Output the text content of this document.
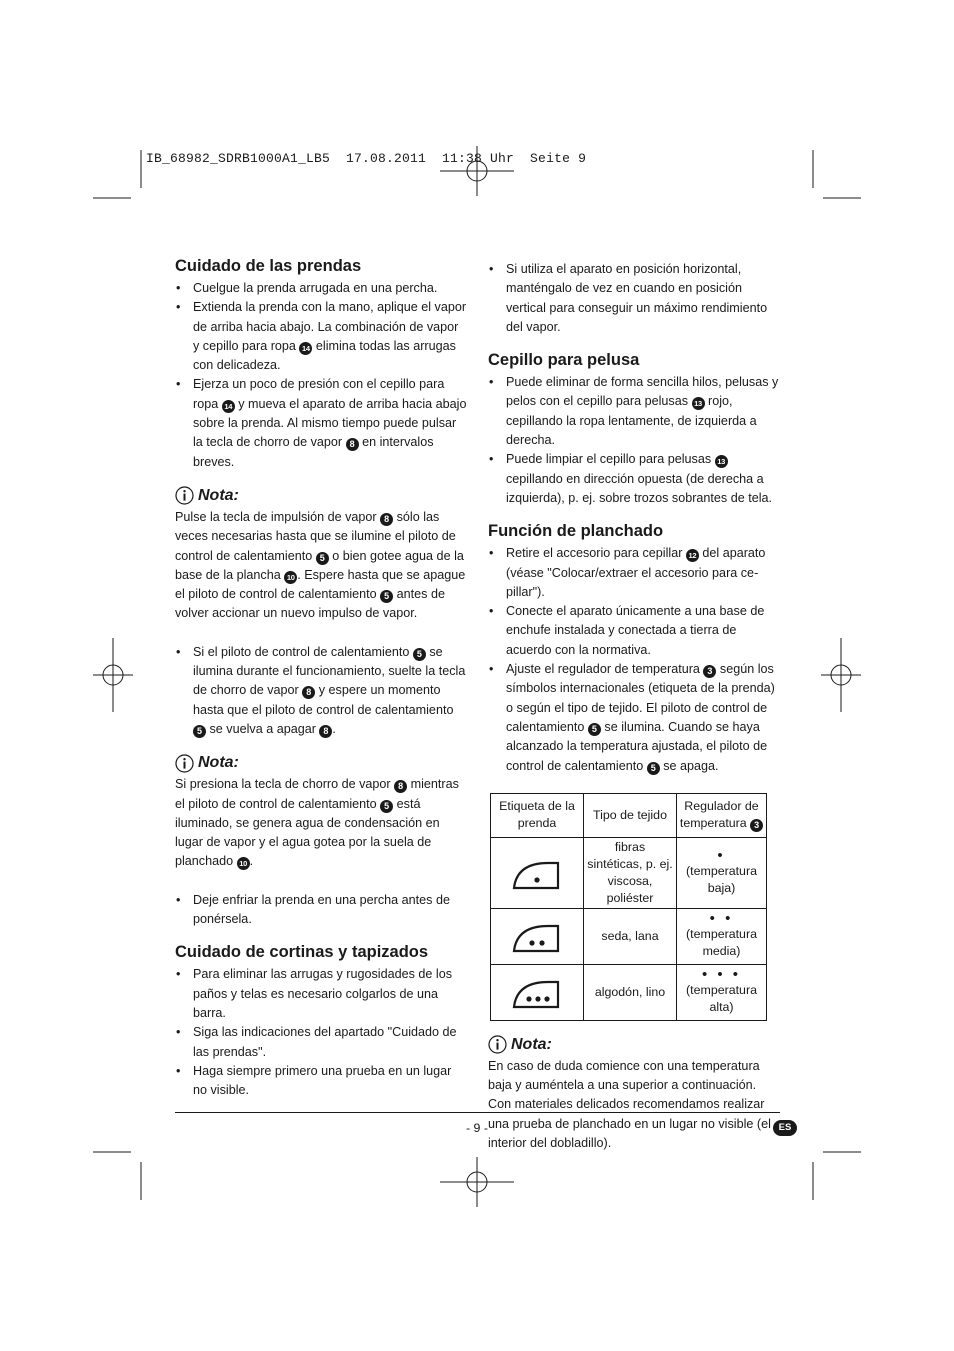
IB_68982_SDRB1000A1_LB5  17.08.2011  11:38 Uhr  Seite 9
Cuidado de las prendas
• Cuelgue la prenda arrugada en una percha.
• Extienda la prenda con la mano, aplique el vapor de arriba hacia abajo. La combinación de vapor y cepillo para ropa 14 elimina todas las arrugas con delicadeza.
• Ejerza un poco de presión con el cepillo para ropa 14 y mueva el aparato de arriba hacia abajo sobre la prenda. Al mismo tiempo puede pulsar la tecla de chorro de vapor 8 en intervalos breves.
Nota:

Pulse la tecla de impulsión de vapor 8 sólo las veces necesarias hasta que se ilumine el piloto de control de calentamiento 5 o bien gotee agua de la base de la plancha 10 . Espere hasta que se apague el piloto de control de calentamiento 5 antes de volver accionar un nuevo impulso de vapor.

• Si el piloto de control de calentamiento 5 se ilumina durante el funcionamiento, suelte la tecla de chorro de vapor 8 y espere un momento hasta que el piloto de control de calentamiento 5 se vuelva a apagar 8 .
Nota:

Si presiona la tecla de chorro de vapor 8 mientras el piloto de control de calentamiento 5 está iluminado, se genera agua de condensación en lugar de vapor y el agua gotea por la suela de planchado 10 .

• Deje enfriar la prenda en una percha antes de ponérsela.
Cuidado de cortinas y tapizados
• Para eliminar las arrugas y rugosidades de los paños y telas es necesario colgarlos de una barra.
• Siga las indicaciones del apartado "Cuidado de las prendas".
• Haga siempre primero una prueba en un lugar no visible.
• Si utiliza el aparato en posición horizontal, manténgalo de vez en cuando en posición vertical para conseguir un máximo rendimiento del vapor.
Cepillo para pelusa
• Puede eliminar de forma sencilla hilos, pelusas y pelos con el cepillo para pelusas 13 rojo, cepillando la ropa lentamente, de izquierda a derecha.
• Puede limpiar el cepillo para pelusas 13 cepillando en dirección opuesta (de derecha a izquierda), p. ej. sobre trozos sobrantes de tela.
Función de planchado
• Retire el accesorio para cepillar 12 del aparato (véase "Colocar/extraer el accesorio para cepillar").
• Conecte el aparato únicamente a una base de enchufe instalada y conectada a tierra de acuerdo con la normativa.
• Ajuste el regulador de temperatura 3 según los símbolos internacionales (etiqueta de la prenda) o según el tipo de tejido. El piloto de control de calentamiento 5 se ilumina. Cuando se haya alcanzado la temperatura ajustada, el piloto de control de calentamiento 5 se apaga.
Etiqueta de la prenda	Tipo de tejido	Regulador de temperatura 3

	fibras sintéticas, p. ej. viscosa, poliéster	•
(temperatura baja)

	seda, lana	• •
(temperatura media)

	algodón, lino	• • •
(temperatura alta)
Nota:

En caso de duda comience con una temperatura baja y auméntela a una superior a continuación. Con materiales delicados recomendamos realizar una prueba de planchado en un lugar no visible (el interior del dobladillo).

- 9 -	ES
